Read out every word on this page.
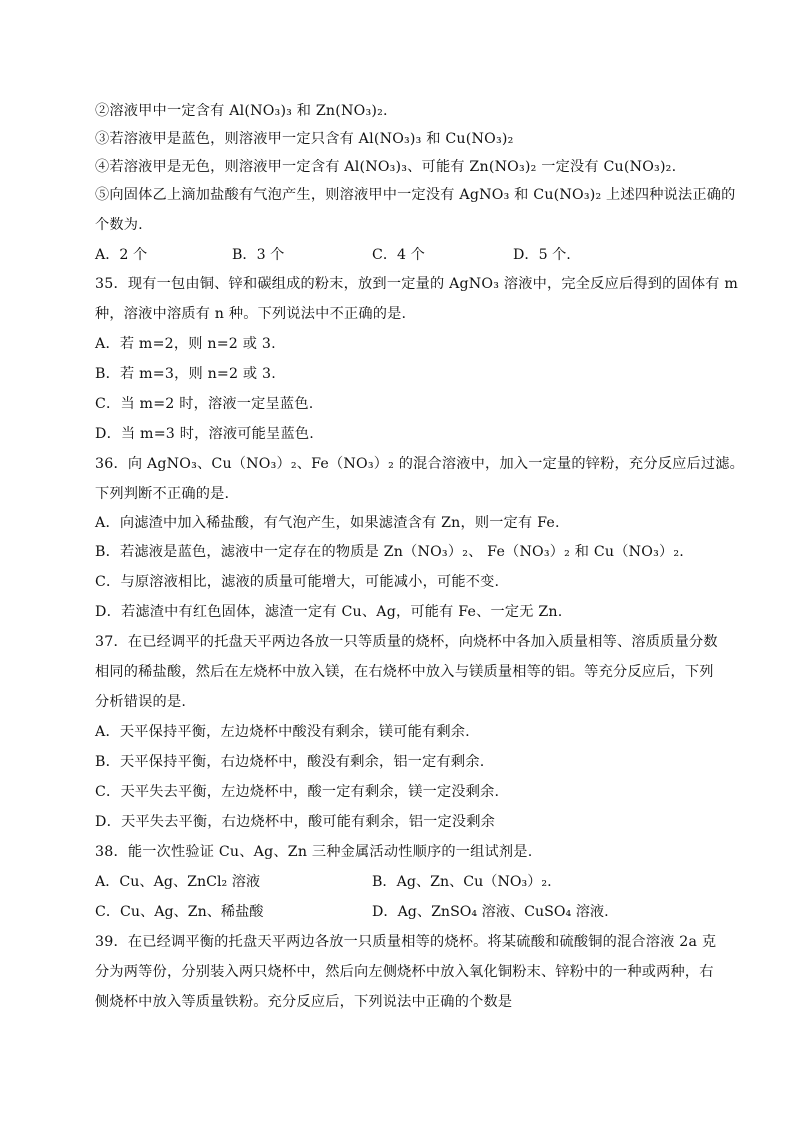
②溶液甲中一定含有 Al(NO₃)₃ 和 Zn(NO₃)₂.
③若溶液甲是蓝色，则溶液甲一定只含有 Al(NO₃)₃ 和 Cu(NO₃)₂
④若溶液甲是无色，则溶液甲一定含有 Al(NO₃)₃、可能有 Zn(NO₃)₂ 一定没有 Cu(NO₃)₂.
⑤向固体乙上滴加盐酸有气泡产生，则溶液甲中一定没有 AgNO₃ 和 Cu(NO₃)₂ 上述四种说法正确的
个数为.
A．2 个	B．3 个	C．4 个	D．5 个.
35．现有一包由铜、锌和碳组成的粉末，放到一定量的 AgNO₃ 溶液中，完全反应后得到的固体有 m
种，溶液中溶质有 n 种。下列说法中不正确的是.
A．若 m=2，则 n=2 或 3.
B．若 m=3，则 n=2 或 3.
C．当 m=2 时，溶液一定呈蓝色.
D．当 m=3 时，溶液可能呈蓝色.
36．向 AgNO₃、Cu（NO₃）₂、Fe（NO₃）₂ 的混合溶液中，加入一定量的锌粉，充分反应后过滤。
下列判断不正确的是.
A．向滤渣中加入稀盐酸，有气泡产生，如果滤渣含有 Zn，则一定有 Fe.
B．若滤液是蓝色，滤液中一定存在的物质是 Zn（NO₃）₂、 Fe（NO₃）₂ 和 Cu（NO₃）₂.
C．与原溶液相比，滤液的质量可能增大，可能减小，可能不变.
D．若滤渣中有红色固体，滤渣一定有 Cu、Ag，可能有 Fe、一定无 Zn.
37．在已经调平的托盘天平两边各放一只等质量的烧杯，向烧杯中各加入质量相等、溶质质量分数
相同的稀盐酸，然后在左烧杯中放入镁，在右烧杯中放入与镁质量相等的铝。等充分反应后，下列
分析错误的是.
A．天平保持平衡，左边烧杯中酸没有剩余，镁可能有剩余.
B．天平保持平衡，右边烧杯中，酸没有剩余，铝一定有剩余.
C．天平失去平衡，左边烧杯中，酸一定有剩余，镁一定没剩余.
D．天平失去平衡，右边烧杯中，酸可能有剩余，铝一定没剩余
38．能一次性验证 Cu、Ag、Zn 三种金属活动性顺序的一组试剂是.
A．Cu、Ag、ZnCl₂ 溶液	B．Ag、Zn、Cu（NO₃）₂.
C．Cu、Ag、Zn、稀盐酸	D．Ag、ZnSO₄ 溶液、CuSO₄ 溶液.
39．在已经调平衡的托盘天平两边各放一只质量相等的烧杯。将某硫酸和硫酸铜的混合溶液 2a 克
分为两等份，分别装入两只烧杯中，然后向左侧烧杯中放入氧化铜粉末、锌粉中的一种或两种，右
侧烧杯中放入等质量铁粉。充分反应后，下列说法中正确的个数是
